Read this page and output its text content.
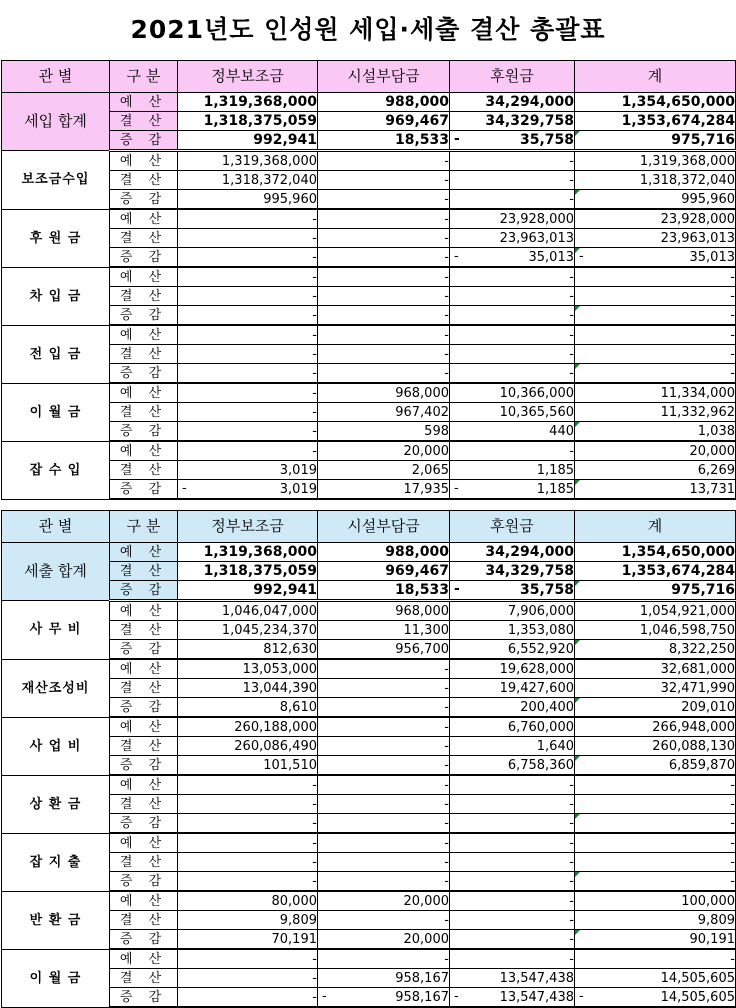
2021년도 인성원 세입·세출 결산 총괄표
관 별	구 분	정부보조금	시설부담금	후원금	계
세입 합계	예 산	1,319,368,000	988,000	34,294,000	1,354,650,000
	결 산	1,318,375,059	969,467	34,329,758	1,353,674,284
	증 감	992,941	18,533	- 35,758	975,716
보조금수입	예 산	1,319,368,000	-	-	1,319,368,000
	결 산	1,318,372,040	-	-	1,318,372,040
	증 감	995,960	-	-	995,960
후 원 금	예 산	-	-	23,928,000	23,928,000
	결 산	-	-	23,963,013	23,963,013
	증 감	-	-	- 35,013	- 35,013
차 입 금	예 산	-	-	-	-
	결 산	-	-	-	-
	증 감	-	-	-	-
전 입 금	예 산	-	-	-	-
	결 산	-	-	-	-
	증 감	-	-	-	-
이 월 금	예 산	-	968,000	10,366,000	11,334,000
	결 산	-	967,402	10,365,560	11,332,962
	증 감	-	598	440	1,038
잡 수 입	예 산	-	20,000	-	20,000
	결 산	3,019	2,065	1,185	6,269
	증 감	- 3,019	17,935	- 1,185	13,731
관 별	구 분	정부보조금	시설부담금	후원금	계
세출 합계	예 산	1,319,368,000	988,000	34,294,000	1,354,650,000
	결 산	1,318,375,059	969,467	34,329,758	1,353,674,284
	증 감	992,941	18,533	- 35,758	975,716
사 무 비	예 산	1,046,047,000	968,000	7,906,000	1,054,921,000
	결 산	1,045,234,370	11,300	1,353,080	1,046,598,750
	증 감	812,630	956,700	6,552,920	8,322,250
재산조성비	예 산	13,053,000	-	19,628,000	32,681,000
	결 산	13,044,390	-	19,427,600	32,471,990
	증 감	8,610	-	200,400	209,010
사 업 비	예 산	260,188,000	-	6,760,000	266,948,000
	결 산	260,086,490	-	1,640	260,088,130
	증 감	101,510	-	6,758,360	6,859,870
상 환 금	예 산	-	-	-	-
	결 산	-	-	-	-
	증 감	-	-	-	-
잡 지 출	예 산	-	-	-	-
	결 산	-	-	-	-
	증 감	-	-	-	-
반 환 금	예 산	80,000	20,000	-	100,000
	결 산	9,809	-	-	9,809
	증 감	70,191	20,000	-	90,191
이 월 금	예 산	-	-	-	-
	결 산	-	958,167	13,547,438	14,505,605
	증 감	-	- 958,167	- 13,547,438	- 14,505,605
